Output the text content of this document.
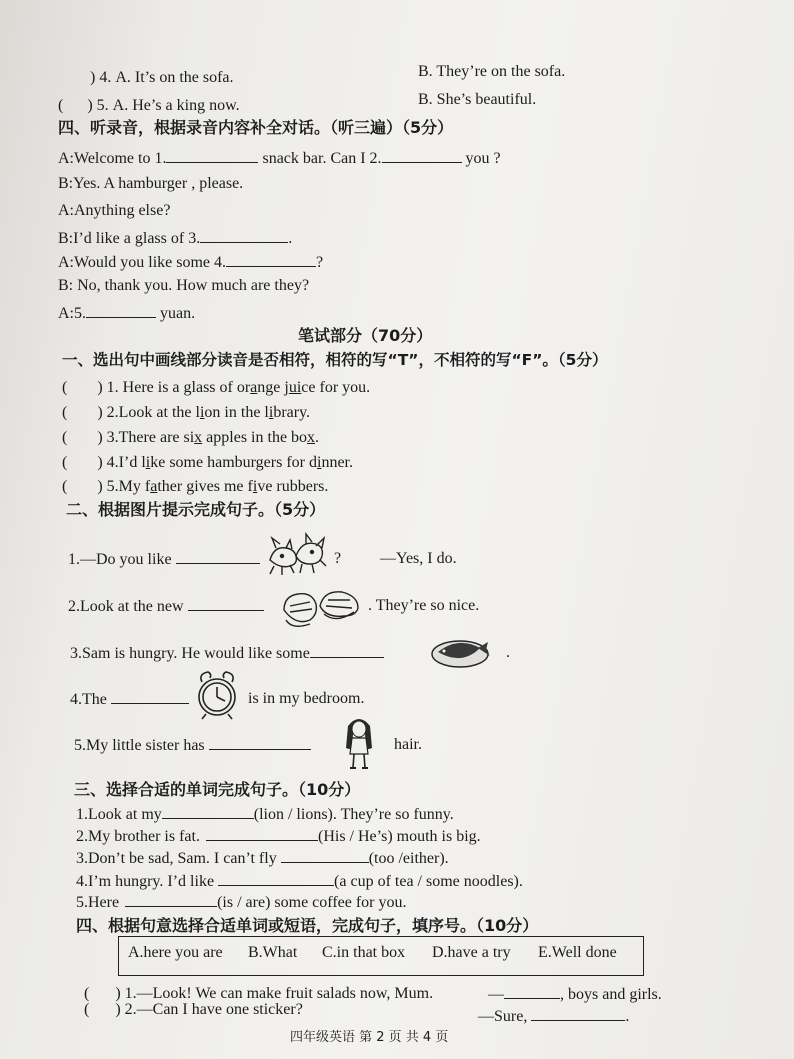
) 4. A. It’s on the sofa.	B. They’re on the sofa.
( ) 5. A. He’s a king now.	B. She’s beautiful.
四、听录音，根据录音内容补全对话。（听三遍）（5分）
A:Welcome to 1.	snack bar. Can I 2.	you ?
B:Yes. A hamburger , please.
A:Anything else?
B:I’d like a glass of 3.	.
A:Would you like some 4.	?
B: No, thank you. How much are they?
A:5.	yuan.
笔试部分（70分）
一、选出句中画线部分读音是否相符，相符的写“T”，不相符的写“F”。（5分）
( ) 1. Here is a glass of orange juice for you.
( ) 2.Look at the lion in the library.
( ) 3.There are six apples in the box.
( ) 4.I’d like some hamburgers for dinner.
( ) 5.My father gives me five rubbers.
二、根据图片提示完成句子。（5分）
1.—Do you like	? —Yes, I do.
2.Look at the new	. They’re so nice.
3.Sam is hungry. He would like some	.
4.The	is in my bedroom.
5.My little sister has	hair.
三、选择合适的单词完成句子。（10分）
1.Look at my	(lion / lions). They’re so funny.
2.My brother is fat.	(His / He’s) mouth is big.
3.Don’t be sad, Sam. I can’t fly	(too /either).
4.I’m hungry. I’d like	(a cup of tea / some noodles).
5.Here	(is / are) some coffee for you.
四、根据句意选择合适单词或短语，完成句子，填序号。（10分）
A.here you are B.What C.in that box D.have a try E.Well done
( ) 1.—Look! We can make fruit salads now, Mum.	—	, boys and girls.
( ) 2.—Can I have one sticker?	—Sure,	.
四年级英语 第 2 页 共 4 页
